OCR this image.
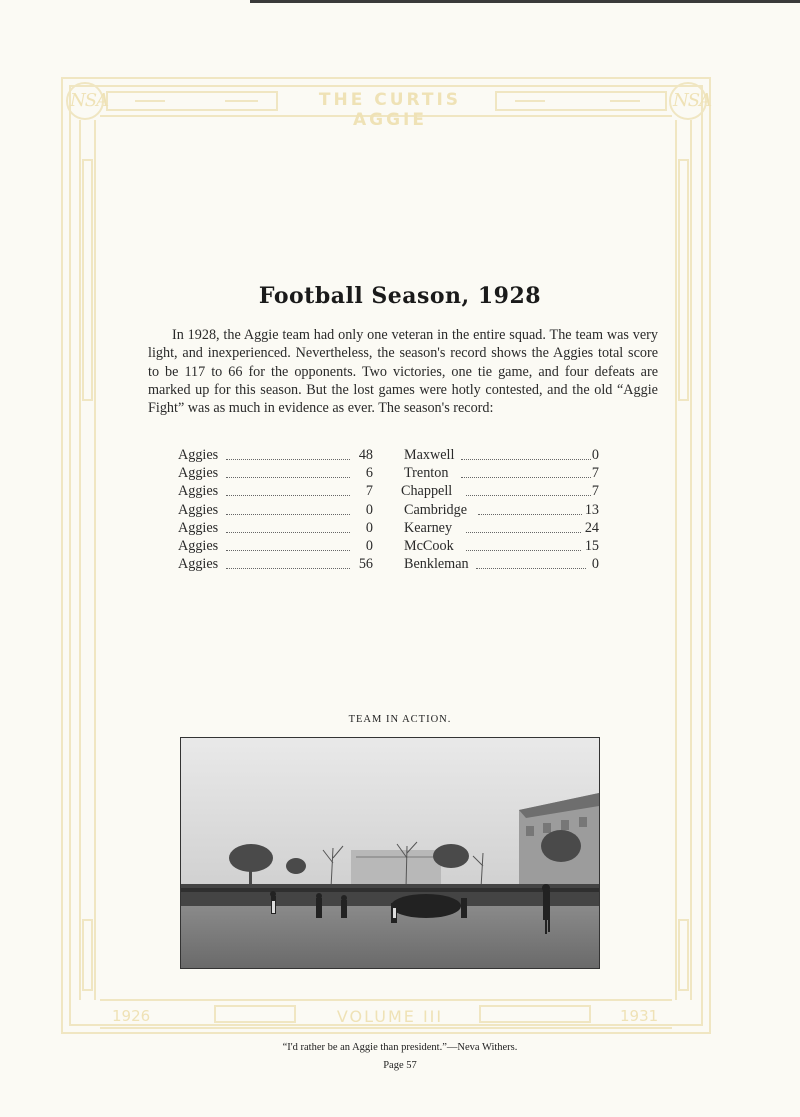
NSA	NSA
THE CURTIS AGGIE
Football Season, 1928

In 1928, the Aggie team had only one veteran in the entire squad. The team was very light, and inexperienced. Nevertheless, the season's record shows the Aggies total score to be 117 to 66 for the opponents. Two victories, one tie game, and four defeats are marked up for this season. But the lost games were hotly contested, and the old “Aggie Fight” was as much in evidence as ever. The season's record:

Aggies	48 Maxwell	0
Aggies	6 Trenton	7
Aggies	7 Chappell	7
Aggies	0 Cambridge	13
Aggies	0 Kearney	24
Aggies	0 McCook	15
Aggies	56 Benkleman	0
TEAM IN ACTION.
1926	VOLUME III	1931
“I'd rather be an Aggie than president.”—Neva Withers.
Page 57
